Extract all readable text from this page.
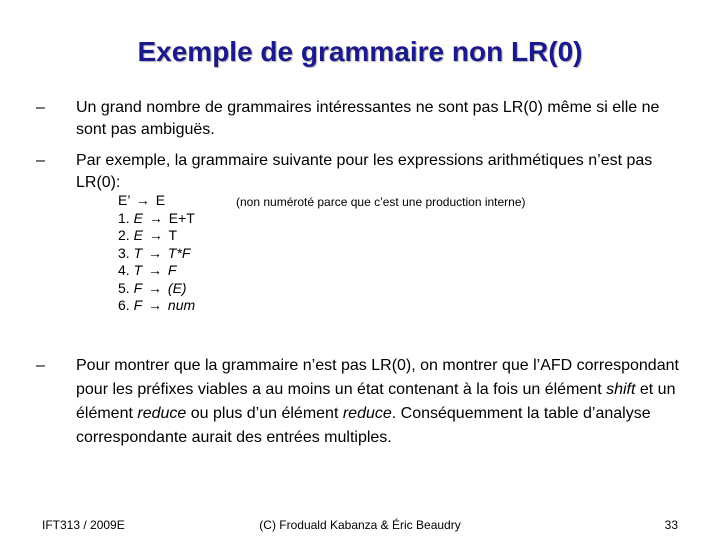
Exemple de grammaire non LR(0)
– Un grand nombre de grammaires intéressantes ne sont pas LR(0) même si elle ne sont pas ambiguës.
– Par exemple, la grammaire suivante pour les expressions arithmétiques n’est pas LR(0):
E’ → E
1. E → E+T
2. E → T
3. T → T*F
4. T → F
5. F → (E)
6. F → num
(non numéroté parce que c’est une production interne)
– Pour montrer que la grammaire n’est pas LR(0), on montrer que l’AFD correspondant pour les préfixes viables a au moins un état contenant à la fois un élément shift et un élément reduce ou plus d’un élément reduce. Conséquemment la table d’analyse correspondante aurait des entrées multiples.
IFT313 / 2009E	(C) Froduald Kabanza & Éric Beaudry	33
